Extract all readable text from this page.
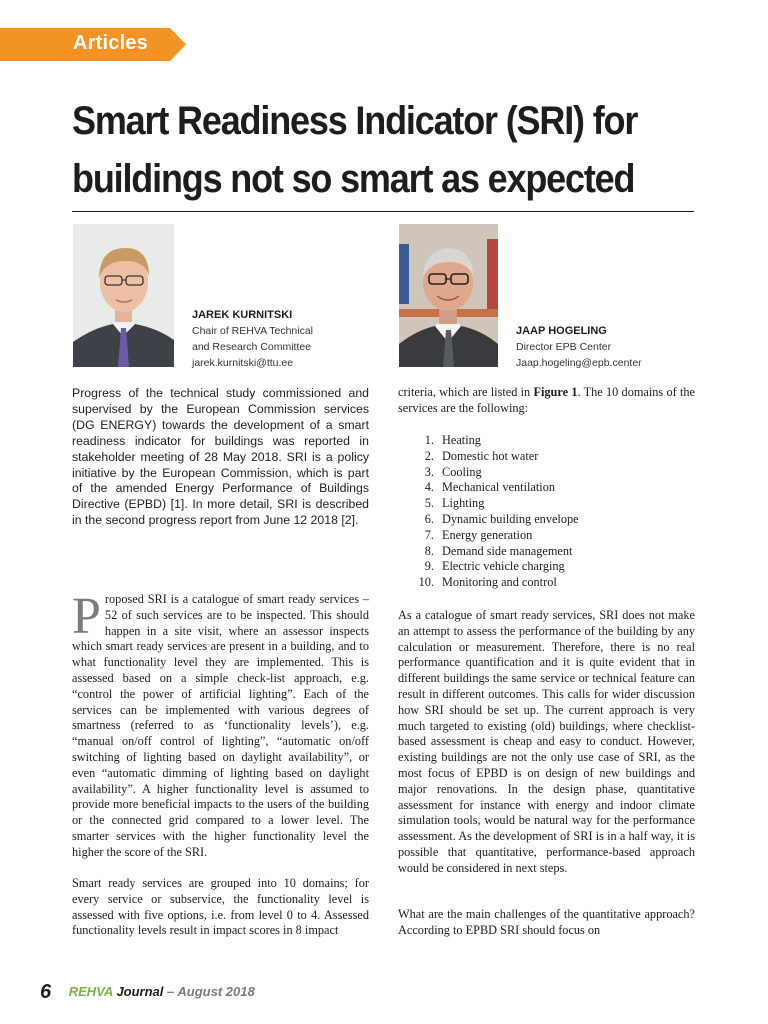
Articles
Smart Readiness Indicator (SRI) for buildings not so smart as expected
JAREK KURNITSKI
Chair of REHVA Technical
and Research Committee
jarek.kurnitski@ttu.ee
JAAP HOGELING
Director EPB Center
Jaap.hogeling@epb.center

Progress of the technical study commissioned and supervised by the European Commission services (DG ENERGY) towards the development of a smart readiness indicator for buildings was reported in stakeholder meeting of 28 May 2018. SRI is a policy initiative by the European Commission, which is part of the amended Energy Performance of Buildings Directive (EPBD) [1]. In more detail, SRI is described in the second progress report from June 12 2018 [2].

Proposed SRI is a catalogue of smart ready services – 52 of such services are to be inspected. This should happen in a site visit, where an assessor inspects which smart ready services are present in a building, and to what functionality level they are implemented. This is assessed based on a simple check-list approach, e.g. “control the power of artificial lighting”. Each of the services can be implemented with various degrees of smartness (referred to as ‘functionality levels’), e.g. “manual on/off control of lighting”, “automatic on/off switching of lighting based on daylight availability”, or even “automatic dimming of lighting based on daylight availability”. A higher functionality level is assumed to provide more beneficial impacts to the users of the building or the connected grid compared to a lower level. The smarter services with the higher functionality level the higher the score of the SRI.
Smart ready services are grouped into 10 domains; for every service or subservice, the functionality level is assessed with five options, i.e. from level 0 to 4. Assessed functionality levels result in impact scores in 8 impact
criteria, which are listed in Figure 1. The 10 domains of the services are the following:
1. Heating
2. Domestic hot water
3. Cooling
4. Mechanical ventilation
5. Lighting
6. Dynamic building envelope
7. Energy generation
8. Demand side management
9. Electric vehicle charging
10. Monitoring and control
As a catalogue of smart ready services, SRI does not make an attempt to assess the performance of the building by any calculation or measurement. Therefore, there is no real performance quantification and it is quite evident that in different buildings the same service or technical feature can result in different outcomes. This calls for wider discussion how SRI should be set up. The current approach is very much targeted to existing (old) buildings, where checklist-based assessment is cheap and easy to conduct. However, existing buildings are not the only use case of SRI, as the most focus of EPBD is on design of new buildings and major renovations. In the design phase, quantitative assessment for instance with energy and indoor climate simulation tools, would be natural way for the performance assessment. As the development of SRI is in a half way, it is possible that quantitative, performance-based approach would be considered in next steps.
What are the main challenges of the quantitative approach? According to EPBD SRI should focus on
6 REHVA Journal – August 2018
